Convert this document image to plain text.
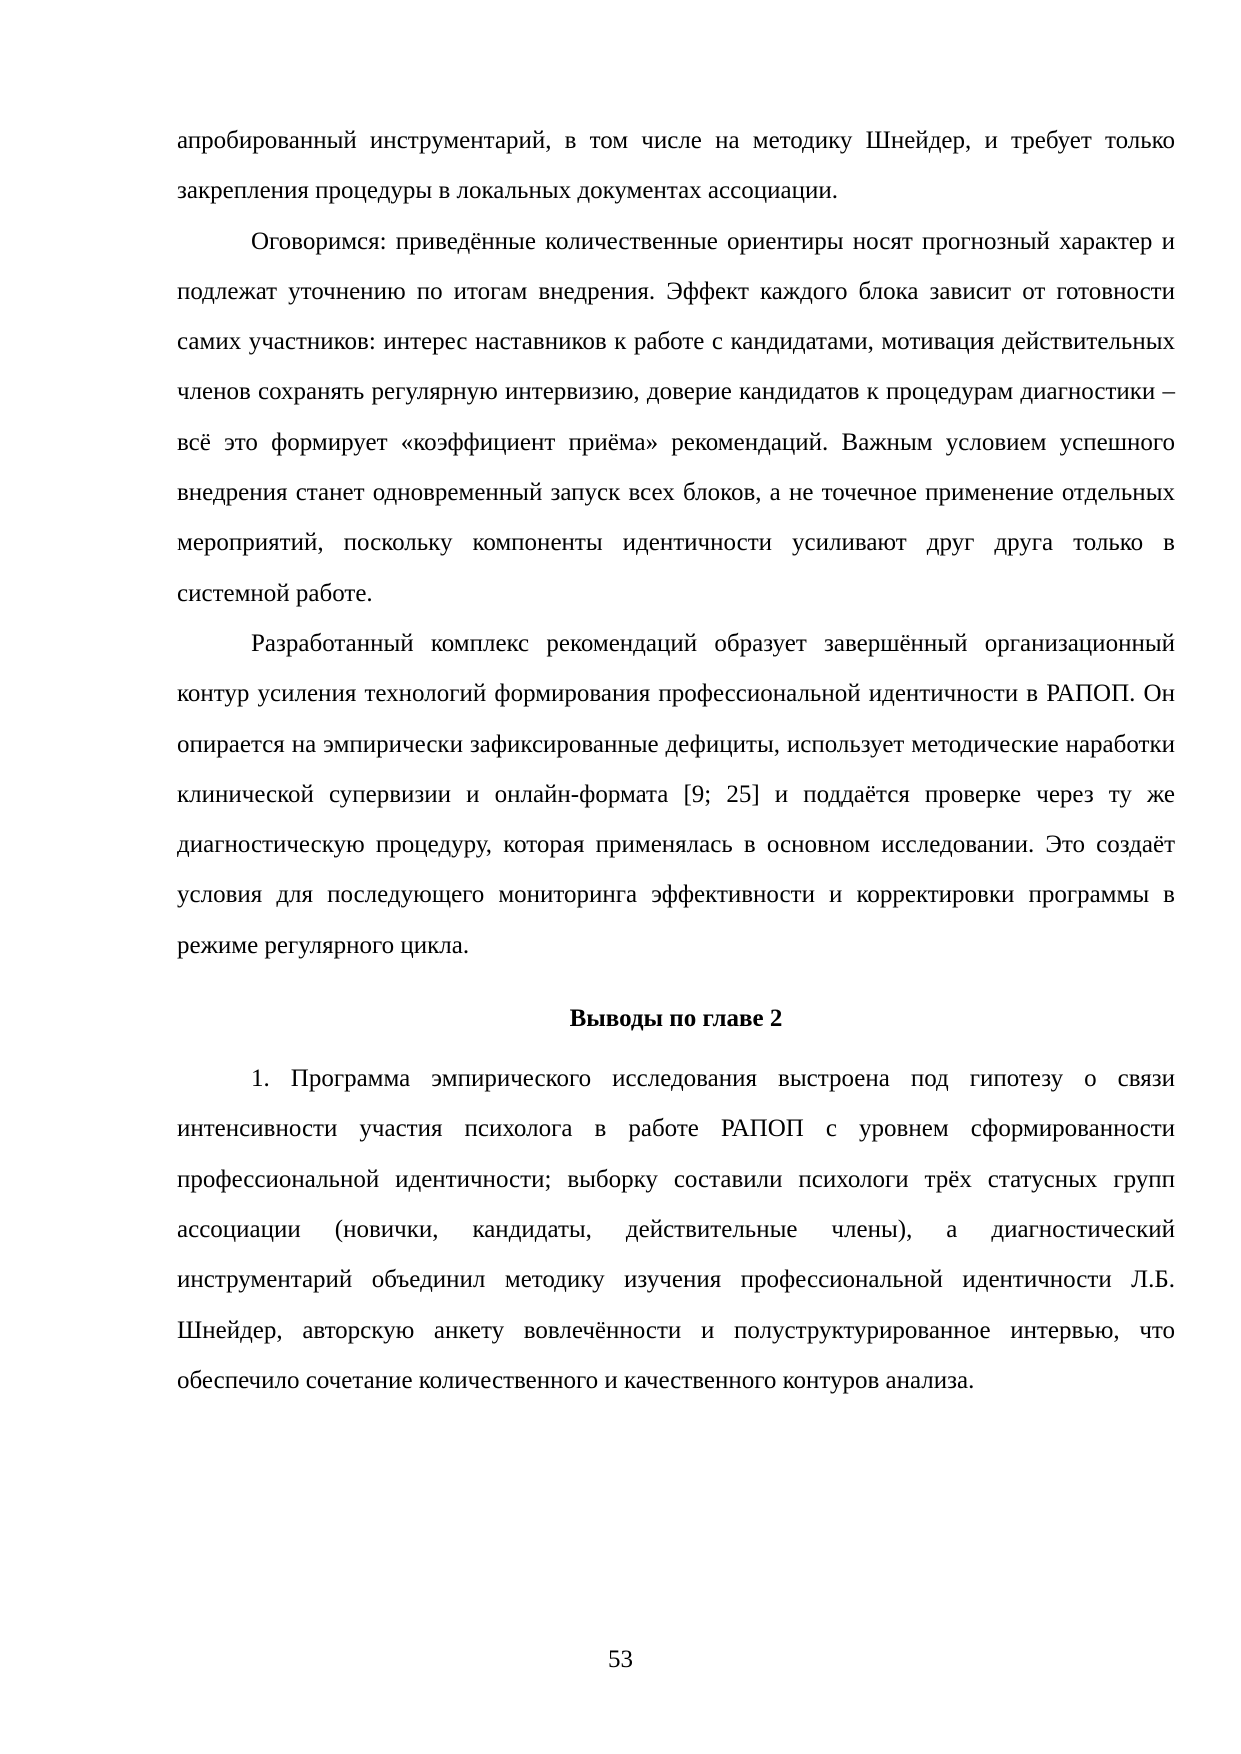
апробированный инструментарий, в том числе на методику Шнейдер, и требует только закрепления процедуры в локальных документах ассоциации.

Оговоримся: приведённые количественные ориентиры носят прогнозный характер и подлежат уточнению по итогам внедрения. Эффект каждого блока зависит от готовности самих участников: интерес наставников к работе с кандидатами, мотивация действительных членов сохранять регулярную интервизию, доверие кандидатов к процедурам диагностики – всё это формирует «коэффициент приёма» рекомендаций. Важным условием успешного внедрения станет одновременный запуск всех блоков, а не точечное применение отдельных мероприятий, поскольку компоненты идентичности усиливают друг друга только в системной работе.

Разработанный комплекс рекомендаций образует завершённый организационный контур усиления технологий формирования профессиональной идентичности в РАПОП. Он опирается на эмпирически зафиксированные дефициты, использует методические наработки клинической супервизии и онлайн-формата [9; 25] и поддаётся проверке через ту же диагностическую процедуру, которая применялась в основном исследовании. Это создаёт условия для последующего мониторинга эффективности и корректировки программы в режиме регулярного цикла.

Выводы по главе 2

1. Программа эмпирического исследования выстроена под гипотезу о связи интенсивности участия психолога в работе РАПОП с уровнем сформированности профессиональной идентичности; выборку составили психологи трёх статусных групп ассоциации (новички, кандидаты, действительные члены), а диагностический инструментарий объединил методику изучения профессиональной идентичности Л.Б. Шнейдер, авторскую анкету вовлечённости и полуструктурированное интервью, что обеспечило сочетание количественного и качественного контуров анализа.

53
